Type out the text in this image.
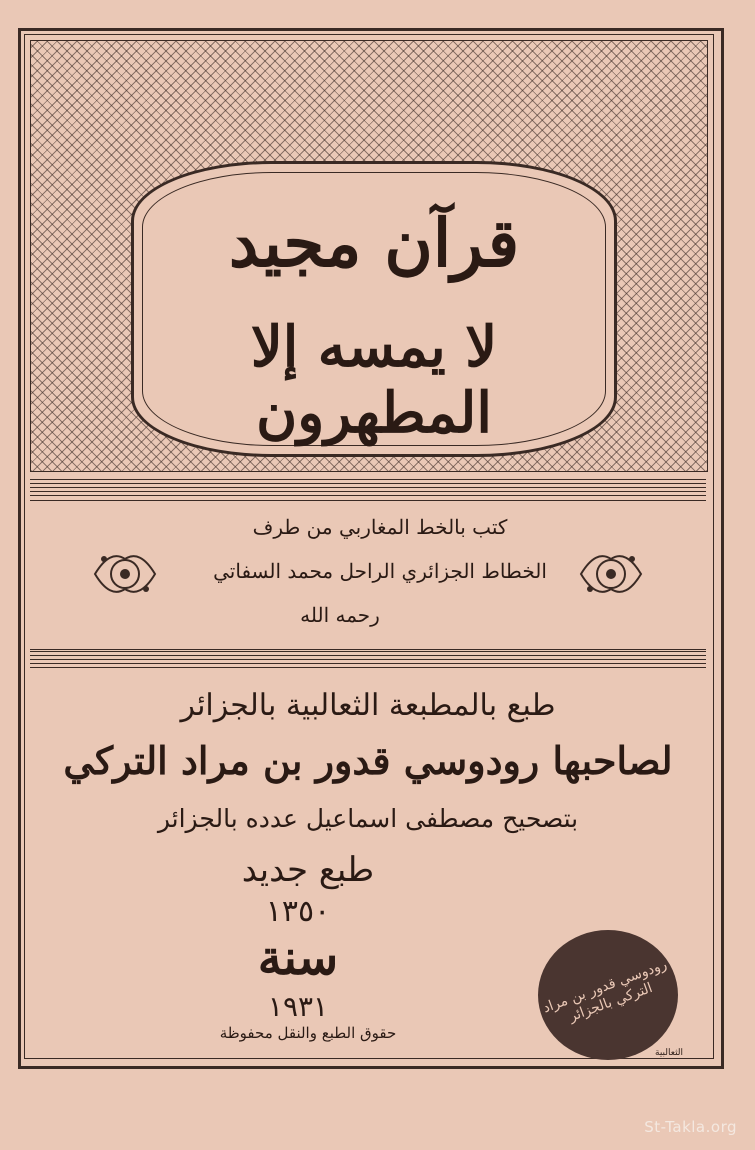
قرآن مجيد
لا يمسه إلا المطهرون
كتب بالخط المغاربي من طرف
الخطاط الجزائري الراحل محمد السفاتي
رحمه الله
طبع بالمطبعة الثعالبية بالجزائر
لصاحبها رودوسي قدور بن مراد التركي
بتصحيح مصطفى اسماعيل عدده بالجزائر
طبع جديد
١٣٥٠
سنة
١٩٣١
حقوق الطبع والنقل محفوظة
رودوسي قدور بن مراد التركي بالجزائر
الثعالبية
St-Takla.org
